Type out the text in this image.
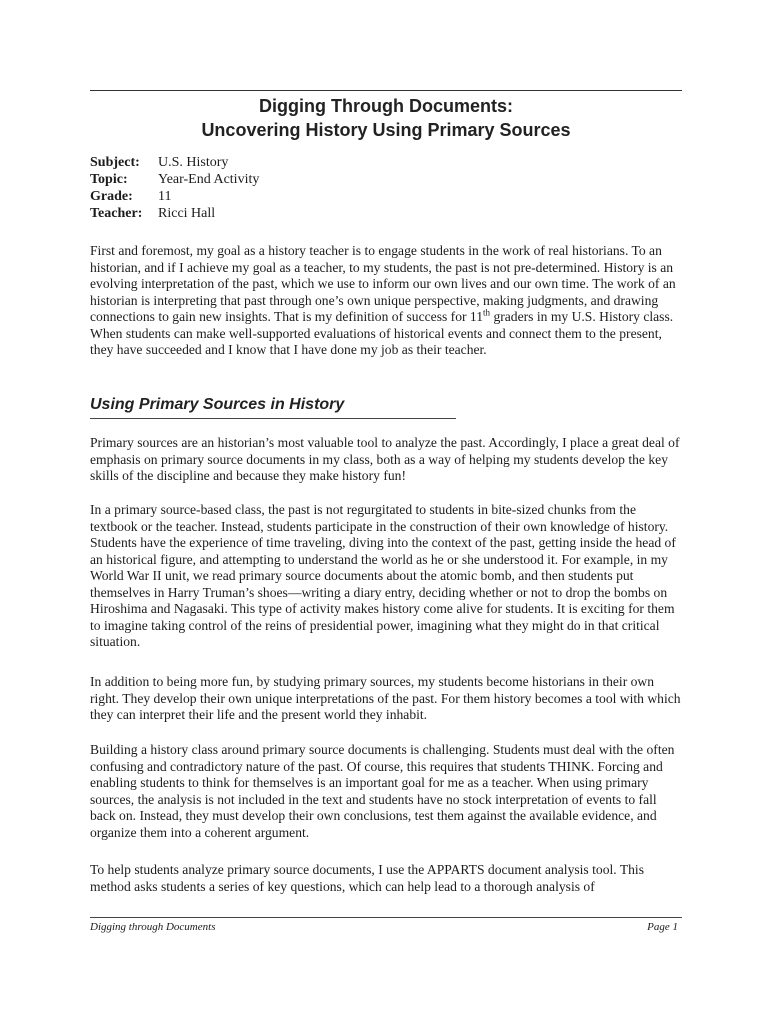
Digging Through Documents:
Uncovering History Using Primary Sources
Subject:	U.S. History
Topic:	Year-End Activity
Grade:	11
Teacher:	Ricci Hall

First and foremost, my goal as a history teacher is to engage students in the work of real historians. To an historian, and if I achieve my goal as a teacher, to my students, the past is not pre-determined. History is an evolving interpretation of the past, which we use to inform our own lives and our own time. The work of an historian is interpreting that past through one’s own unique perspective, making judgments, and drawing connections to gain new insights. That is my definition of success for 11th graders in my U.S. History class. When students can make well-supported evaluations of historical events and connect them to the present, they have succeeded and I know that I have done my job as their teacher.

Using Primary Sources in History

Primary sources are an historian’s most valuable tool to analyze the past. Accordingly, I place a great deal of emphasis on primary source documents in my class, both as a way of helping my students develop the key skills of the discipline and because they make history fun!

In a primary source-based class, the past is not regurgitated to students in bite-sized chunks from the textbook or the teacher. Instead, students participate in the construction of their own knowledge of history. Students have the experience of time traveling, diving into the context of the past, getting inside the head of an historical figure, and attempting to understand the world as he or she understood it. For example, in my World War II unit, we read primary source documents about the atomic bomb, and then students put themselves in Harry Truman’s shoes—writing a diary entry, deciding whether or not to drop the bombs on Hiroshima and Nagasaki. This type of activity makes history come alive for students. It is exciting for them to imagine taking control of the reins of presidential power, imagining what they might do in that critical situation.

In addition to being more fun, by studying primary sources, my students become historians in their own right. They develop their own unique interpretations of the past. For them history becomes a tool with which they can interpret their life and the present world they inhabit.

Building a history class around primary source documents is challenging. Students must deal with the often confusing and contradictory nature of the past. Of course, this requires that students THINK. Forcing and enabling students to think for themselves is an important goal for me as a teacher. When using primary sources, the analysis is not included in the text and students have no stock interpretation of events to fall back on. Instead, they must develop their own conclusions, test them against the available evidence, and organize them into a coherent argument.

To help students analyze primary source documents, I use the APPARTS document analysis tool. This method asks students a series of key questions, which can help lead to a thorough analysis of

Digging through Documents	Page 1
